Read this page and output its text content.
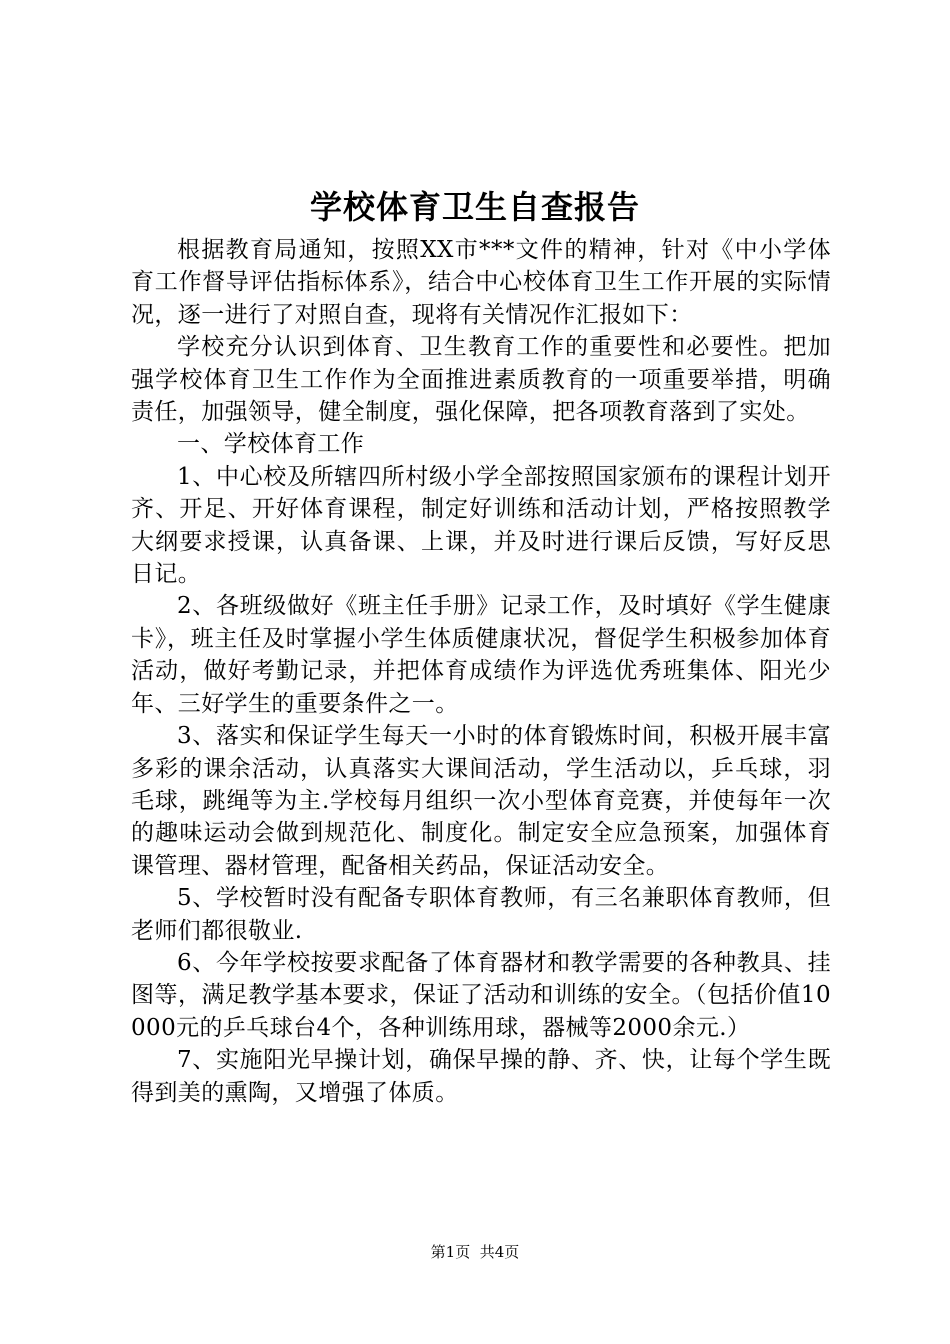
学校体育卫生自查报告

根据教育局通知，按照XX市***文件的精神，针对《中小学体育工作督导评估指标体系》，结合中心校体育卫生工作开展的实际情况，逐一进行了对照自查，现将有关情况作汇报如下：

学校充分认识到体育、卫生教育工作的重要性和必要性。把加强学校体育卫生工作作为全面推进素质教育的一项重要举措，明确责任，加强领导，健全制度，强化保障，把各项教育落到了实处。

一、学校体育工作

1、中心校及所辖四所村级小学全部按照国家颁布的课程计划开齐、开足、开好体育课程，制定好训练和活动计划，严格按照教学大纲要求授课，认真备课、上课，并及时进行课后反馈，写好反思日记。

2、各班级做好《班主任手册》记录工作，及时填好《学生健康卡》，班主任及时掌握小学生体质健康状况，督促学生积极参加体育活动，做好考勤记录，并把体育成绩作为评选优秀班集体、阳光少年、三好学生的重要条件之一。

3、落实和保证学生每天一小时的体育锻炼时间，积极开展丰富多彩的课余活动，认真落实大课间活动，学生活动以，乒乓球，羽毛球，跳绳等为主.学校每月组织一次小型体育竞赛，并使每年一次的趣味运动会做到规范化、制度化。制定安全应急预案，加强体育课管理、器材管理，配备相关药品，保证活动安全。

5、学校暂时没有配备专职体育教师，有三名兼职体育教师，但老师们都很敬业.

6、今年学校按要求配备了体育器材和教学需要的各种教具、挂图等，满足教学基本要求，保证了活动和训练的安全。（包括价值10000元的乒乓球台4个，各种训练用球，器械等2000余元.）

7、实施阳光早操计划，确保早操的静、齐、快，让每个学生既得到美的熏陶，又增强了体质。

第1页 共4页
